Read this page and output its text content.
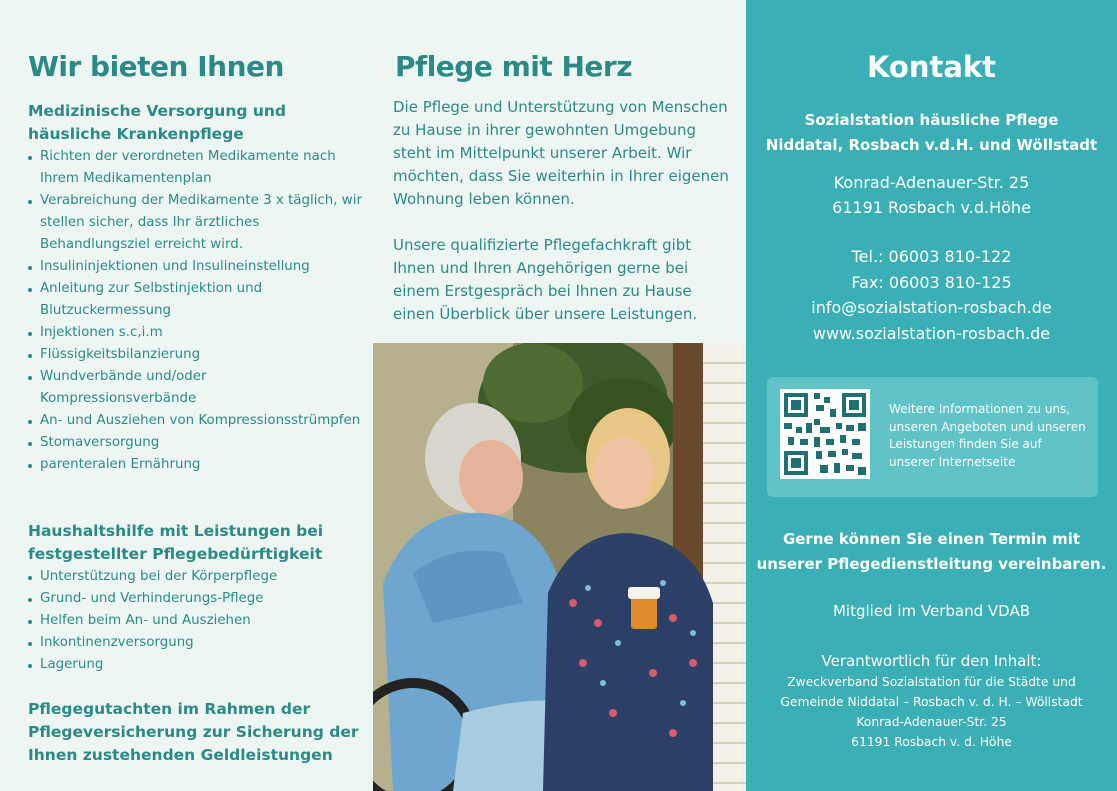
Wir bieten Ihnen
Medizinische Versorgung und häusliche Krankenpflege
Richten der verordneten Medikamente nach Ihrem Medikamentenplan
Verabreichung der Medikamente 3 x täglich, wir stellen sicher, dass Ihr ärztliches Behandlungsziel erreicht wird.
Insulininjektionen und Insulineinstellung
Anleitung zur Selbstinjektion und Blutzuckermessung
Injektionen s.c,i.m
Flüssigkeitsbilanzierung
Wundverbände und/oder Kompressionsverbände
An- und Ausziehen von Kompressionsstrümpfen
Stomaversorgung
parenteralen Ernährung
Haushaltshilfe mit Leistungen bei festgestellter Pflegebedürftigkeit
Unterstützung bei der Körperpflege
Grund- und Verhinderungs-Pflege
Helfen beim An- und Ausziehen
Inkontinenzversorgung
Lagerung
Pflegegutachten im Rahmen der Pflegeversicherung zur Sicherung der Ihnen zustehenden Geldleistungen
Pflege mit Herz
Die Pflege und Unterstützung von Menschen zu Hause in ihrer gewohnten Umgebung steht im Mittelpunkt unserer Arbeit. Wir möchten, dass Sie weiterhin in Ihrer eigenen Wohnung leben können.
Unsere qualifizierte Pflegefachkraft gibt Ihnen und Ihren Angehörigen gerne bei einem Erstgespräch bei Ihnen zu Hause einen Überblick über unsere Leistungen.
Kontakt
Sozialstation häusliche Pflege
Niddatal, Rosbach v.d.H. und Wöllstadt
Konrad-Adenauer-Str. 25
61191 Rosbach v.d.Höhe
Tel.: 06003 810-122
Fax: 06003 810-125
info@sozialstation-rosbach.de
www.sozialstation-rosbach.de
Weitere Informationen zu uns, unseren Angeboten und unseren Leistungen finden Sie auf unserer Internetseite
Gerne können Sie einen Termin mit
unserer Pflegedienstleitung vereinbaren.
Mitglied im Verband VDAB
Verantwortlich für den Inhalt:
Zweckverband Sozialstation für die Städte und
Gemeinde Niddatal – Rosbach v. d. H. – Wöllstadt
Konrad-Adenauer-Str. 25
61191 Rosbach v. d. Höhe
